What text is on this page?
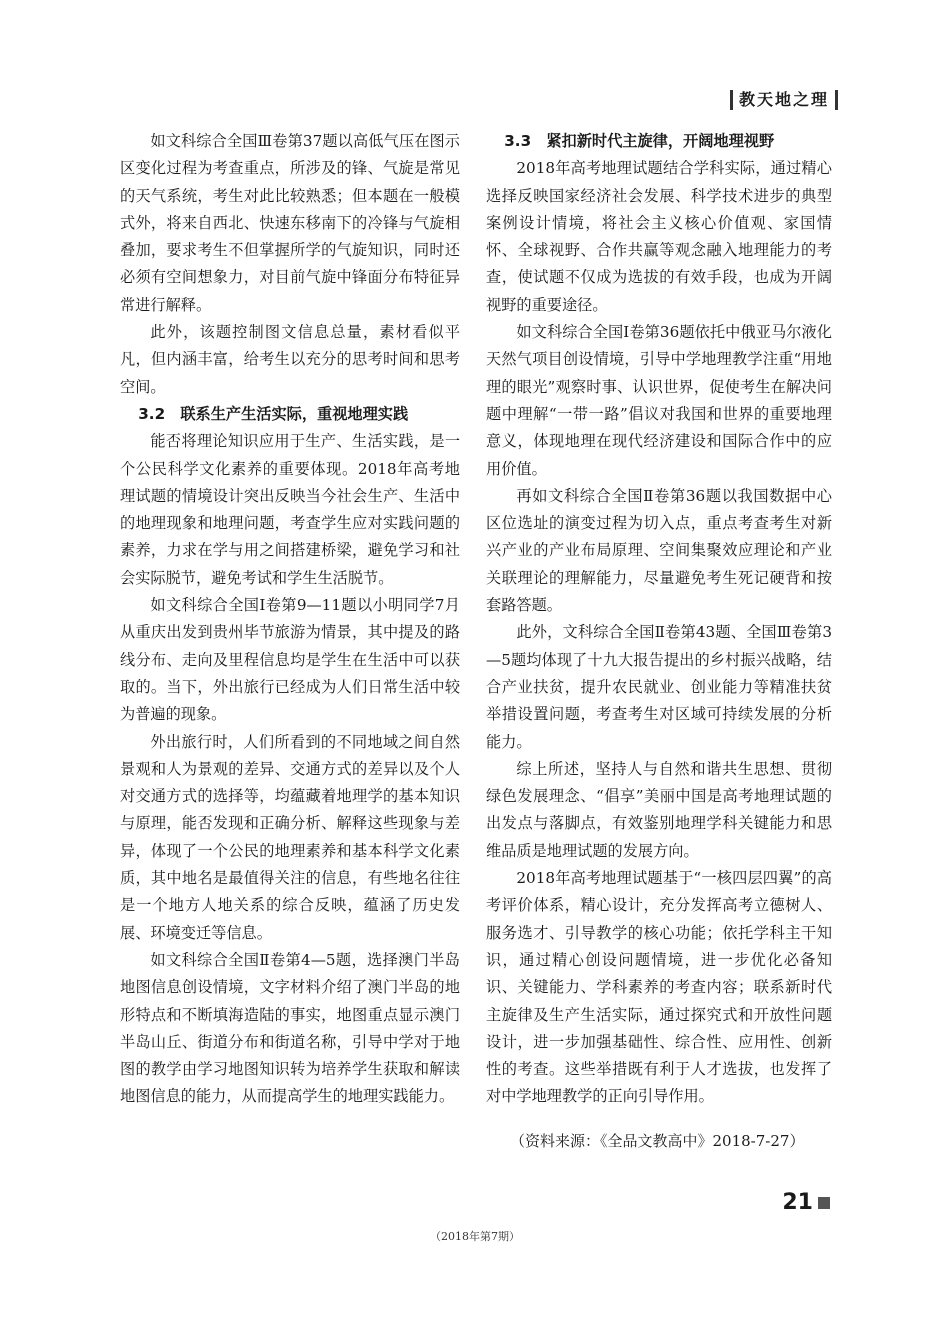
教天地之理

如文科综合全国Ⅲ卷第37题以高低气压在图示区变化过程为考查重点，所涉及的锋、气旋是常见的天气系统，考生对此比较熟悉；但本题在一般模式外，将来自西北、快速东移南下的冷锋与气旋相叠加，要求考生不但掌握所学的气旋知识，同时还必须有空间想象力，对目前气旋中锋面分布特征异常进行解释。

此外，该题控制图文信息总量，素材看似平凡，但内涵丰富，给考生以充分的思考时间和思考空间。

3.2　联系生产生活实际，重视地理实践

能否将理论知识应用于生产、生活实践，是一个公民科学文化素养的重要体现。2018年高考地理试题的情境设计突出反映当今社会生产、生活中的地理现象和地理问题，考查学生应对实践问题的素养，力求在学与用之间搭建桥梁，避免学习和社会实际脱节，避免考试和学生生活脱节。

如文科综合全国Ⅰ卷第9—11题以小明同学7月从重庆出发到贵州毕节旅游为情景，其中提及的路线分布、走向及里程信息均是学生在生活中可以获取的。当下，外出旅行已经成为人们日常生活中较为普遍的现象。

外出旅行时，人们所看到的不同地域之间自然景观和人为景观的差异、交通方式的差异以及个人对交通方式的选择等，均蕴藏着地理学的基本知识与原理，能否发现和正确分析、解释这些现象与差异，体现了一个公民的地理素养和基本科学文化素质，其中地名是最值得关注的信息，有些地名往往是一个地方人地关系的综合反映，蕴涵了历史发展、环境变迁等信息。

如文科综合全国Ⅱ卷第4—5题，选择澳门半岛地图信息创设情境，文字材料介绍了澳门半岛的地形特点和不断填海造陆的事实，地图重点显示澳门半岛山丘、街道分布和街道名称，引导中学对于地图的教学由学习地图知识转为培养学生获取和解读地图信息的能力，从而提高学生的地理实践能力。

3.3　紧扣新时代主旋律，开阔地理视野

2018年高考地理试题结合学科实际，通过精心选择反映国家经济社会发展、科学技术进步的典型案例设计情境，将社会主义核心价值观、家国情怀、全球视野、合作共赢等观念融入地理能力的考查，使试题不仅成为选拔的有效手段，也成为开阔视野的重要途径。

如文科综合全国Ⅰ卷第36题依托中俄亚马尔液化天然气项目创设情境，引导中学地理教学注重“用地理的眼光”观察时事、认识世界，促使考生在解决问题中理解“一带一路”倡议对我国和世界的重要地理意义，体现地理在现代经济建设和国际合作中的应用价值。

再如文科综合全国Ⅱ卷第36题以我国数据中心区位选址的演变过程为切入点，重点考查考生对新兴产业的产业布局原理、空间集聚效应理论和产业关联理论的理解能力，尽量避免考生死记硬背和按套路答题。

此外，文科综合全国Ⅱ卷第43题、全国Ⅲ卷第3—5题均体现了十九大报告提出的乡村振兴战略，结合产业扶贫，提升农民就业、创业能力等精准扶贫举措设置问题，考查考生对区域可持续发展的分析能力。

综上所述，坚持人与自然和谐共生思想、贯彻绿色发展理念、“倡享”美丽中国是高考地理试题的出发点与落脚点，有效鉴别地理学科关键能力和思维品质是地理试题的发展方向。

2018年高考地理试题基于“一核四层四翼”的高考评价体系，精心设计，充分发挥高考立德树人、服务选才、引导教学的核心功能；依托学科主干知识，通过精心创设问题情境，进一步优化必备知识、关键能力、学科素养的考查内容；联系新时代主旋律及生产生活实际，通过探究式和开放性问题设计，进一步加强基础性、综合性、应用性、创新性的考查。这些举措既有利于人才选拔，也发挥了对中学地理教学的正向引导作用。

（资料来源：《全品文教高中》2018-7-27）
21
（2018年第7期）
